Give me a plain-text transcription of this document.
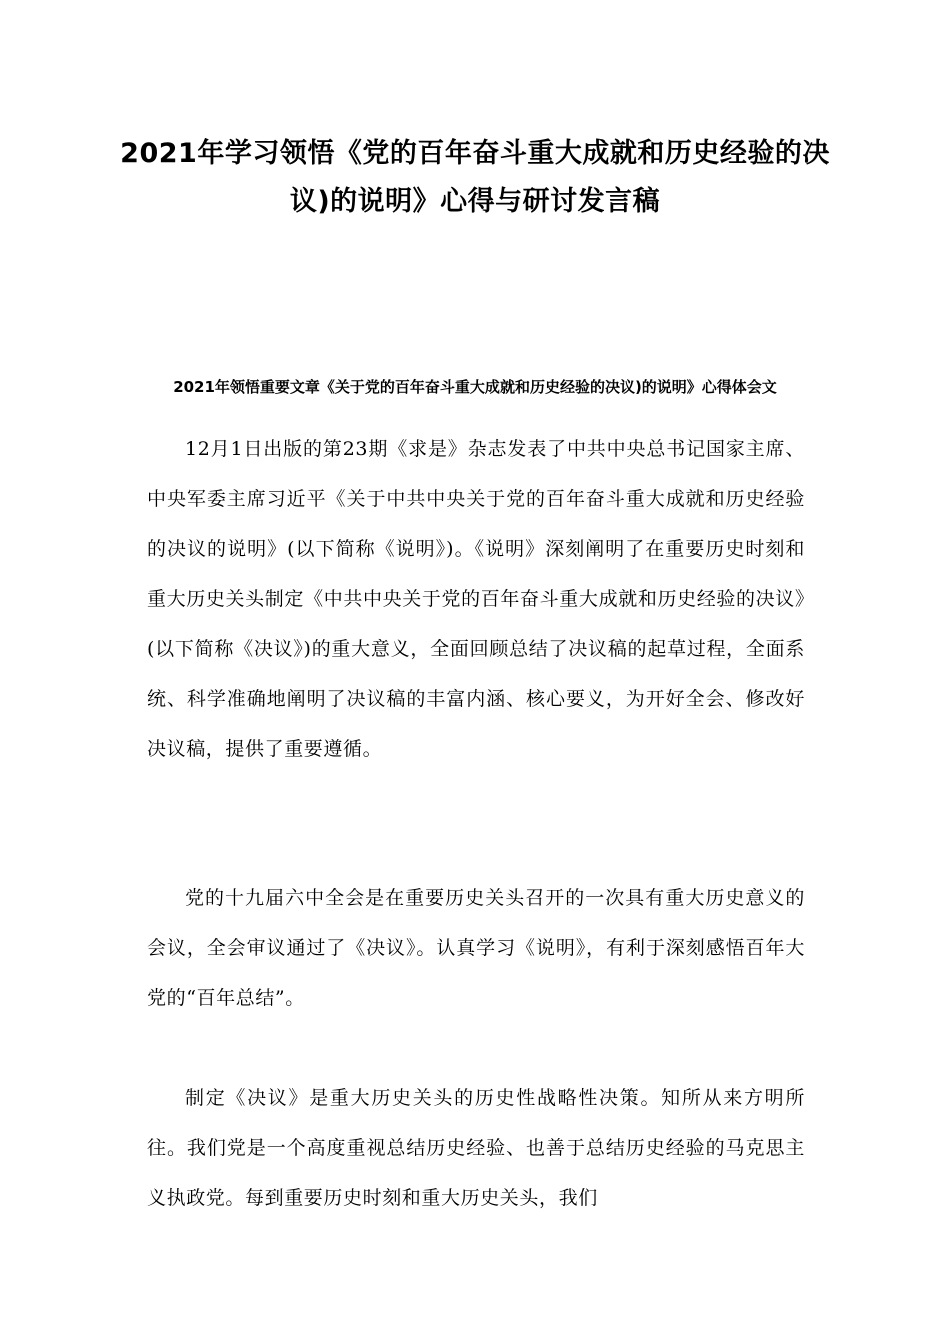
2021年学习领悟《党的百年奋斗重大成就和历史经验的决议)的说明》心得与研讨发言稿
2021年领悟重要文章《关于党的百年奋斗重大成就和历史经验的决议)的说明》心得体会文

12月1日出版的第23期《求是》杂志发表了中共中央总书记国家主席、中央军委主席习近平《关于中共中央关于党的百年奋斗重大成就和历史经验的决议的说明》(以下简称《说明》)。《说明》深刻阐明了在重要历史时刻和重大历史关头制定《中共中央关于党的百年奋斗重大成就和历史经验的决议》(以下简称《决议》)的重大意义，全面回顾总结了决议稿的起草过程，全面系统、科学准确地阐明了决议稿的丰富内涵、核心要义，为开好全会、修改好决议稿，提供了重要遵循。

党的十九届六中全会是在重要历史关头召开的一次具有重大历史意义的会议，全会审议通过了《决议》。认真学习《说明》，有利于深刻感悟百年大党的“百年总结”。

制定《决议》是重大历史关头的历史性战略性决策。知所从来方明所往。我们党是一个高度重视总结历史经验、也善于总结历史经验的马克思主义执政党。每到重要历史时刻和重大历史关头，我们
